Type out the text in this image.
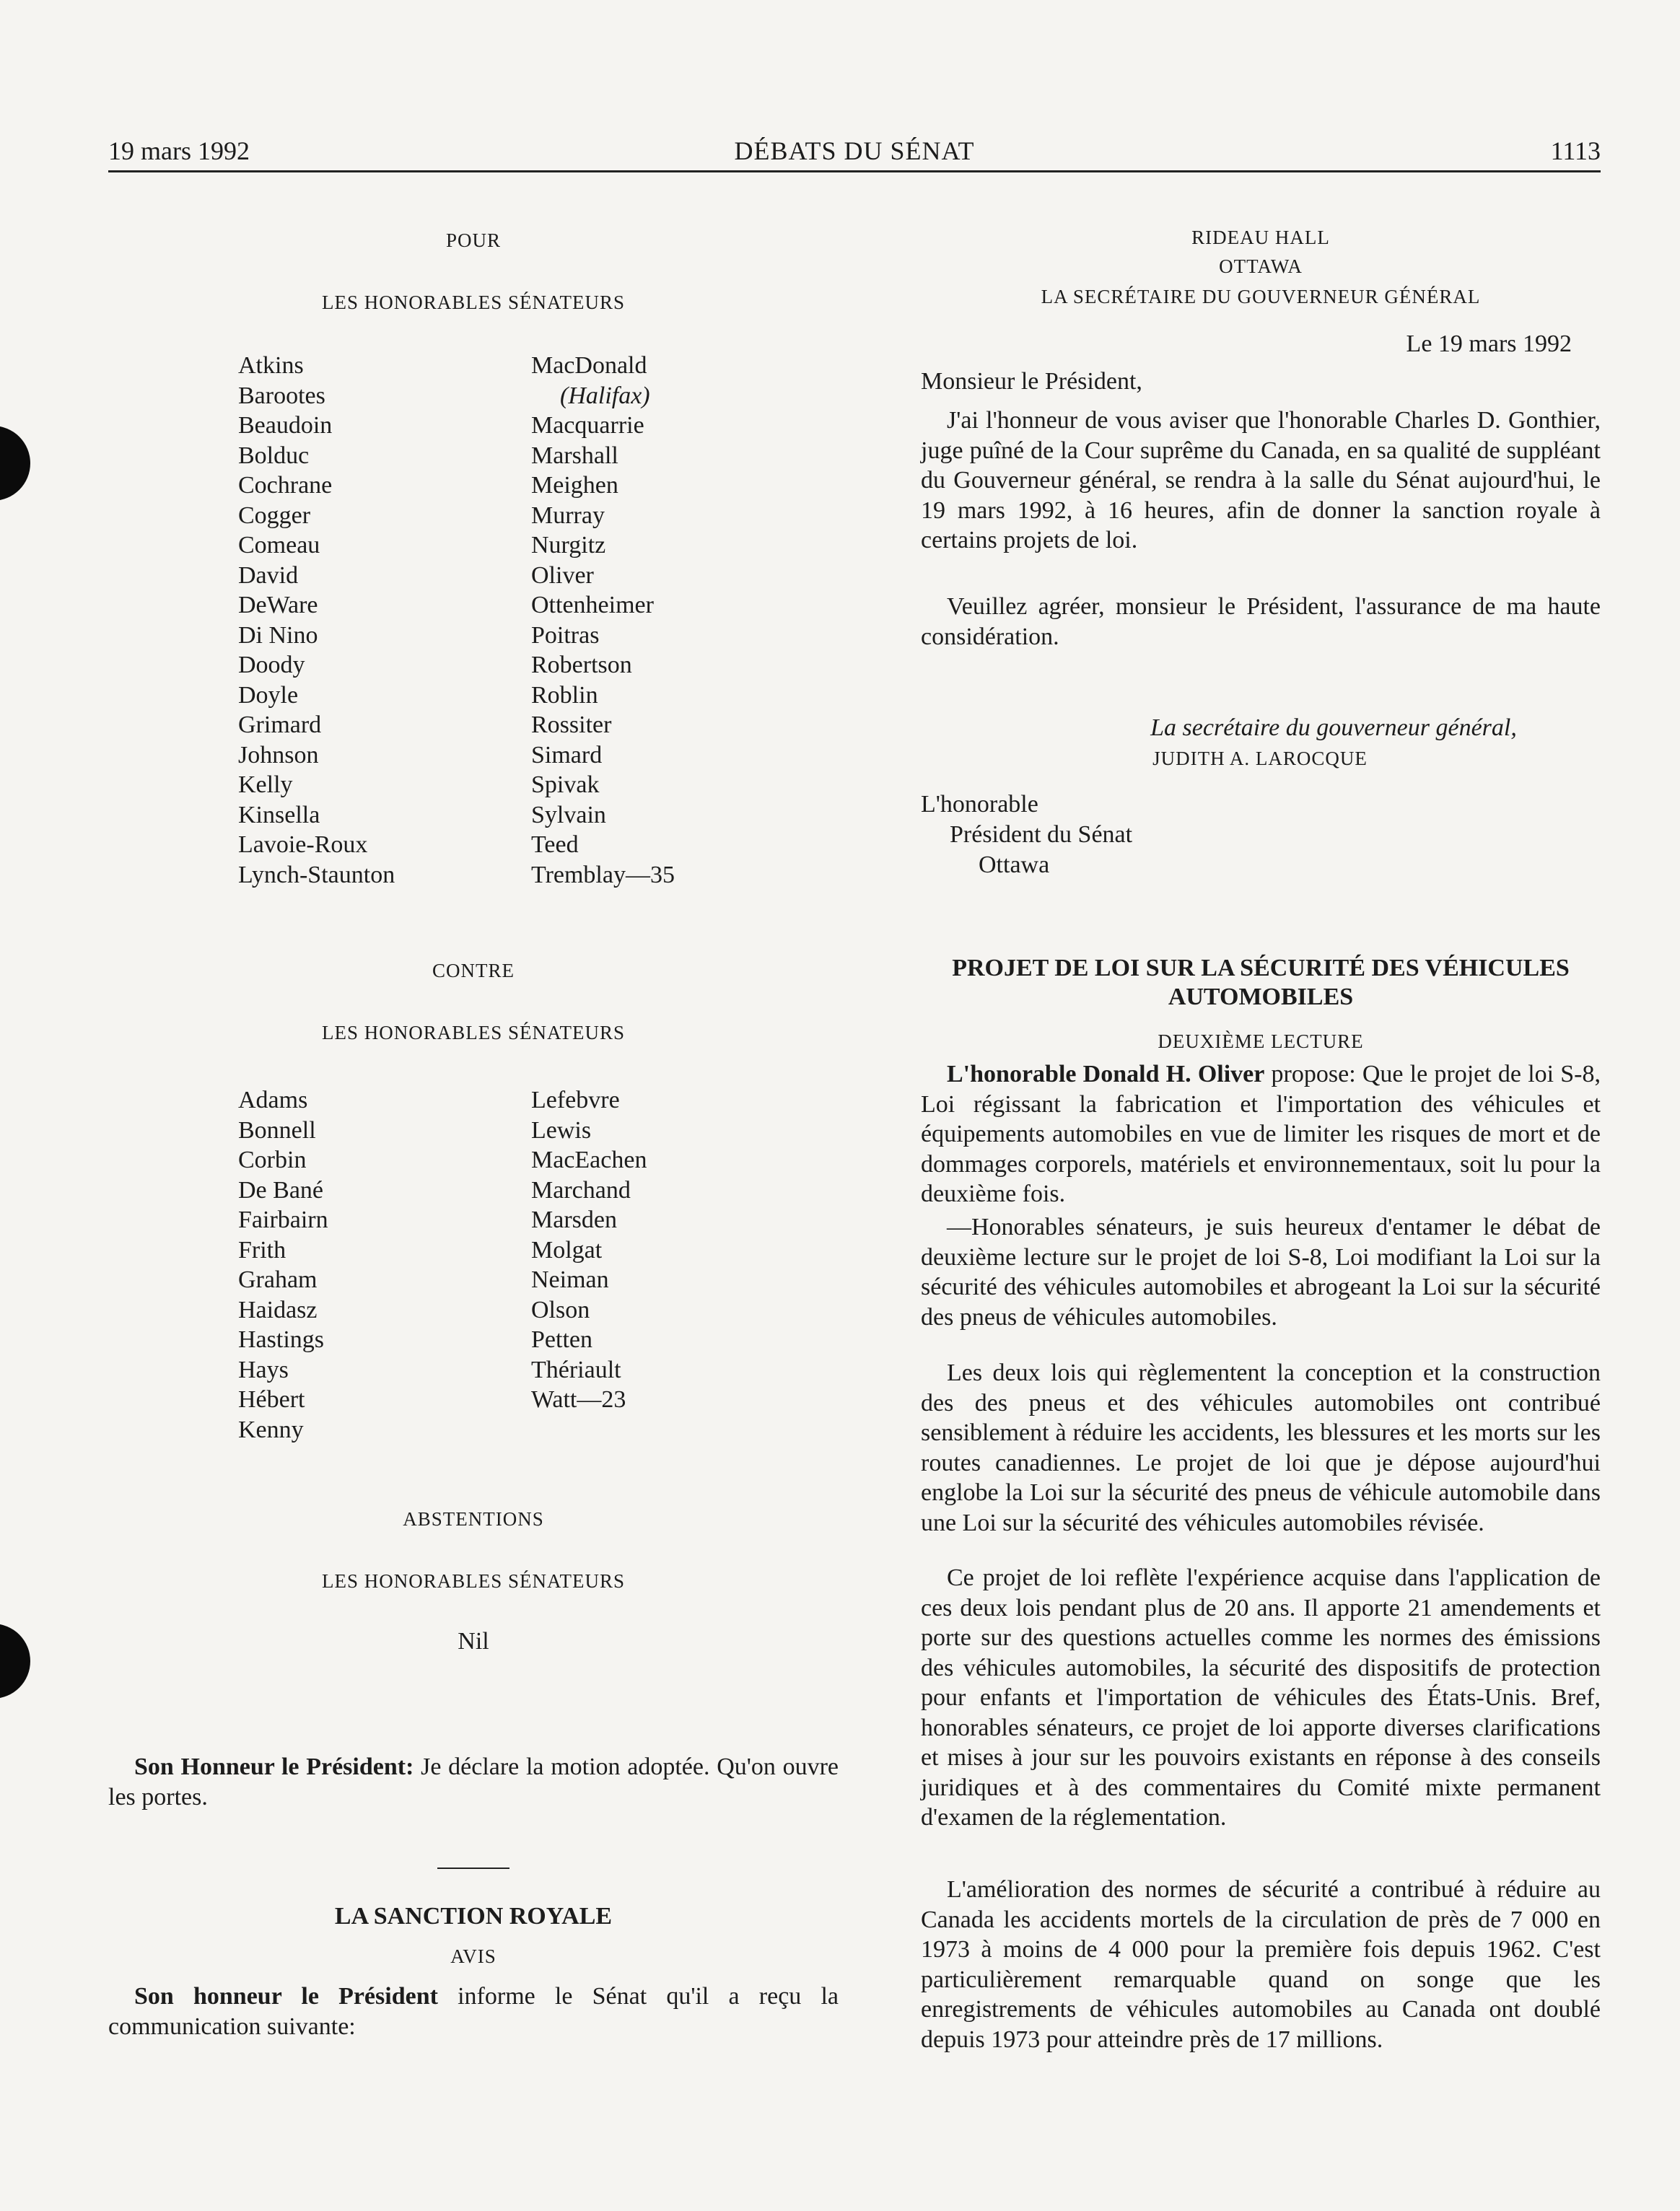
19 mars 1992	DÉBATS DU SÉNAT	1113
POUR
LES HONORABLES SÉNATEURS
Atkins
Barootes
Beaudoin
Bolduc
Cochrane
Cogger
Comeau
David
DeWare
Di Nino
Doody
Doyle
Grimard
Johnson
Kelly
Kinsella
Lavoie-Roux
Lynch-Staunton
MacDonald
(Halifax)
Macquarrie
Marshall
Meighen
Murray
Nurgitz
Oliver
Ottenheimer
Poitras
Robertson
Roblin
Rossiter
Simard
Spivak
Sylvain
Teed
Tremblay—35
CONTRE
LES HONORABLES SÉNATEURS
Adams
Bonnell
Corbin
De Bané
Fairbairn
Frith
Graham
Haidasz
Hastings
Hays
Hébert
Kenny
Lefebvre
Lewis
MacEachen
Marchand
Marsden
Molgat
Neiman
Olson
Petten
Thériault
Watt—23
ABSTENTIONS
LES HONORABLES SÉNATEURS
Nil

Son Honneur le Président: Je déclare la motion adoptée. Qu'on ouvre les portes.

LA SANCTION ROYALE
AVIS

Son honneur le Président informe le Sénat qu'il a reçu la communication suivante:

RIDEAU HALL
OTTAWA
LA SECRÉTAIRE DU GOUVERNEUR GÉNÉRAL
Le 19 mars 1992
Monsieur le Président,

J'ai l'honneur de vous aviser que l'honorable Charles D. Gonthier, juge puîné de la Cour suprême du Canada, en sa qualité de suppléant du Gouverneur général, se rendra à la salle du Sénat aujourd'hui, le 19 mars 1992, à 16 heures, afin de donner la sanction royale à certains projets de loi.

Veuillez agréer, monsieur le Président, l'assurance de ma haute considération.

La secrétaire du gouverneur général,
JUDITH A. LAROCQUE
L'honorable
Président du Sénat
Ottawa
PROJET DE LOI SUR LA SÉCURITÉ DES VÉHICULES AUTOMOBILES
DEUXIÈME LECTURE

L'honorable Donald H. Oliver propose: Que le projet de loi S-8, Loi régissant la fabrication et l'importation des véhicules et équipements automobiles en vue de limiter les risques de mort et de dommages corporels, matériels et environnementaux, soit lu pour la deuxième fois.

—Honorables sénateurs, je suis heureux d'entamer le débat de deuxième lecture sur le projet de loi S-8, Loi modifiant la Loi sur la sécurité des véhicules automobiles et abrogeant la Loi sur la sécurité des pneus de véhicules automobiles.

Les deux lois qui règlementent la conception et la construction des des pneus et des véhicules automobiles ont contribué sensiblement à réduire les accidents, les blessures et les morts sur les routes canadiennes. Le projet de loi que je dépose aujourd'hui englobe la Loi sur la sécurité des pneus de véhicule automobile dans une Loi sur la sécurité des véhicules automobiles révisée.

Ce projet de loi reflète l'expérience acquise dans l'application de ces deux lois pendant plus de 20 ans. Il apporte 21 amendements et porte sur des questions actuelles comme les normes des émissions des véhicules automobiles, la sécurité des dispositifs de protection pour enfants et l'importation de véhicules des États-Unis. Bref, honorables sénateurs, ce projet de loi apporte diverses clarifications et mises à jour sur les pouvoirs existants en réponse à des conseils juridiques et à des commentaires du Comité mixte permanent d'examen de la réglementation.

L'amélioration des normes de sécurité a contribué à réduire au Canada les accidents mortels de la circulation de près de 7 000 en 1973 à moins de 4 000 pour la première fois depuis 1962. C'est particulièrement remarquable quand on songe que les enregistrements de véhicules automobiles au Canada ont doublé depuis 1973 pour atteindre près de 17 millions.
